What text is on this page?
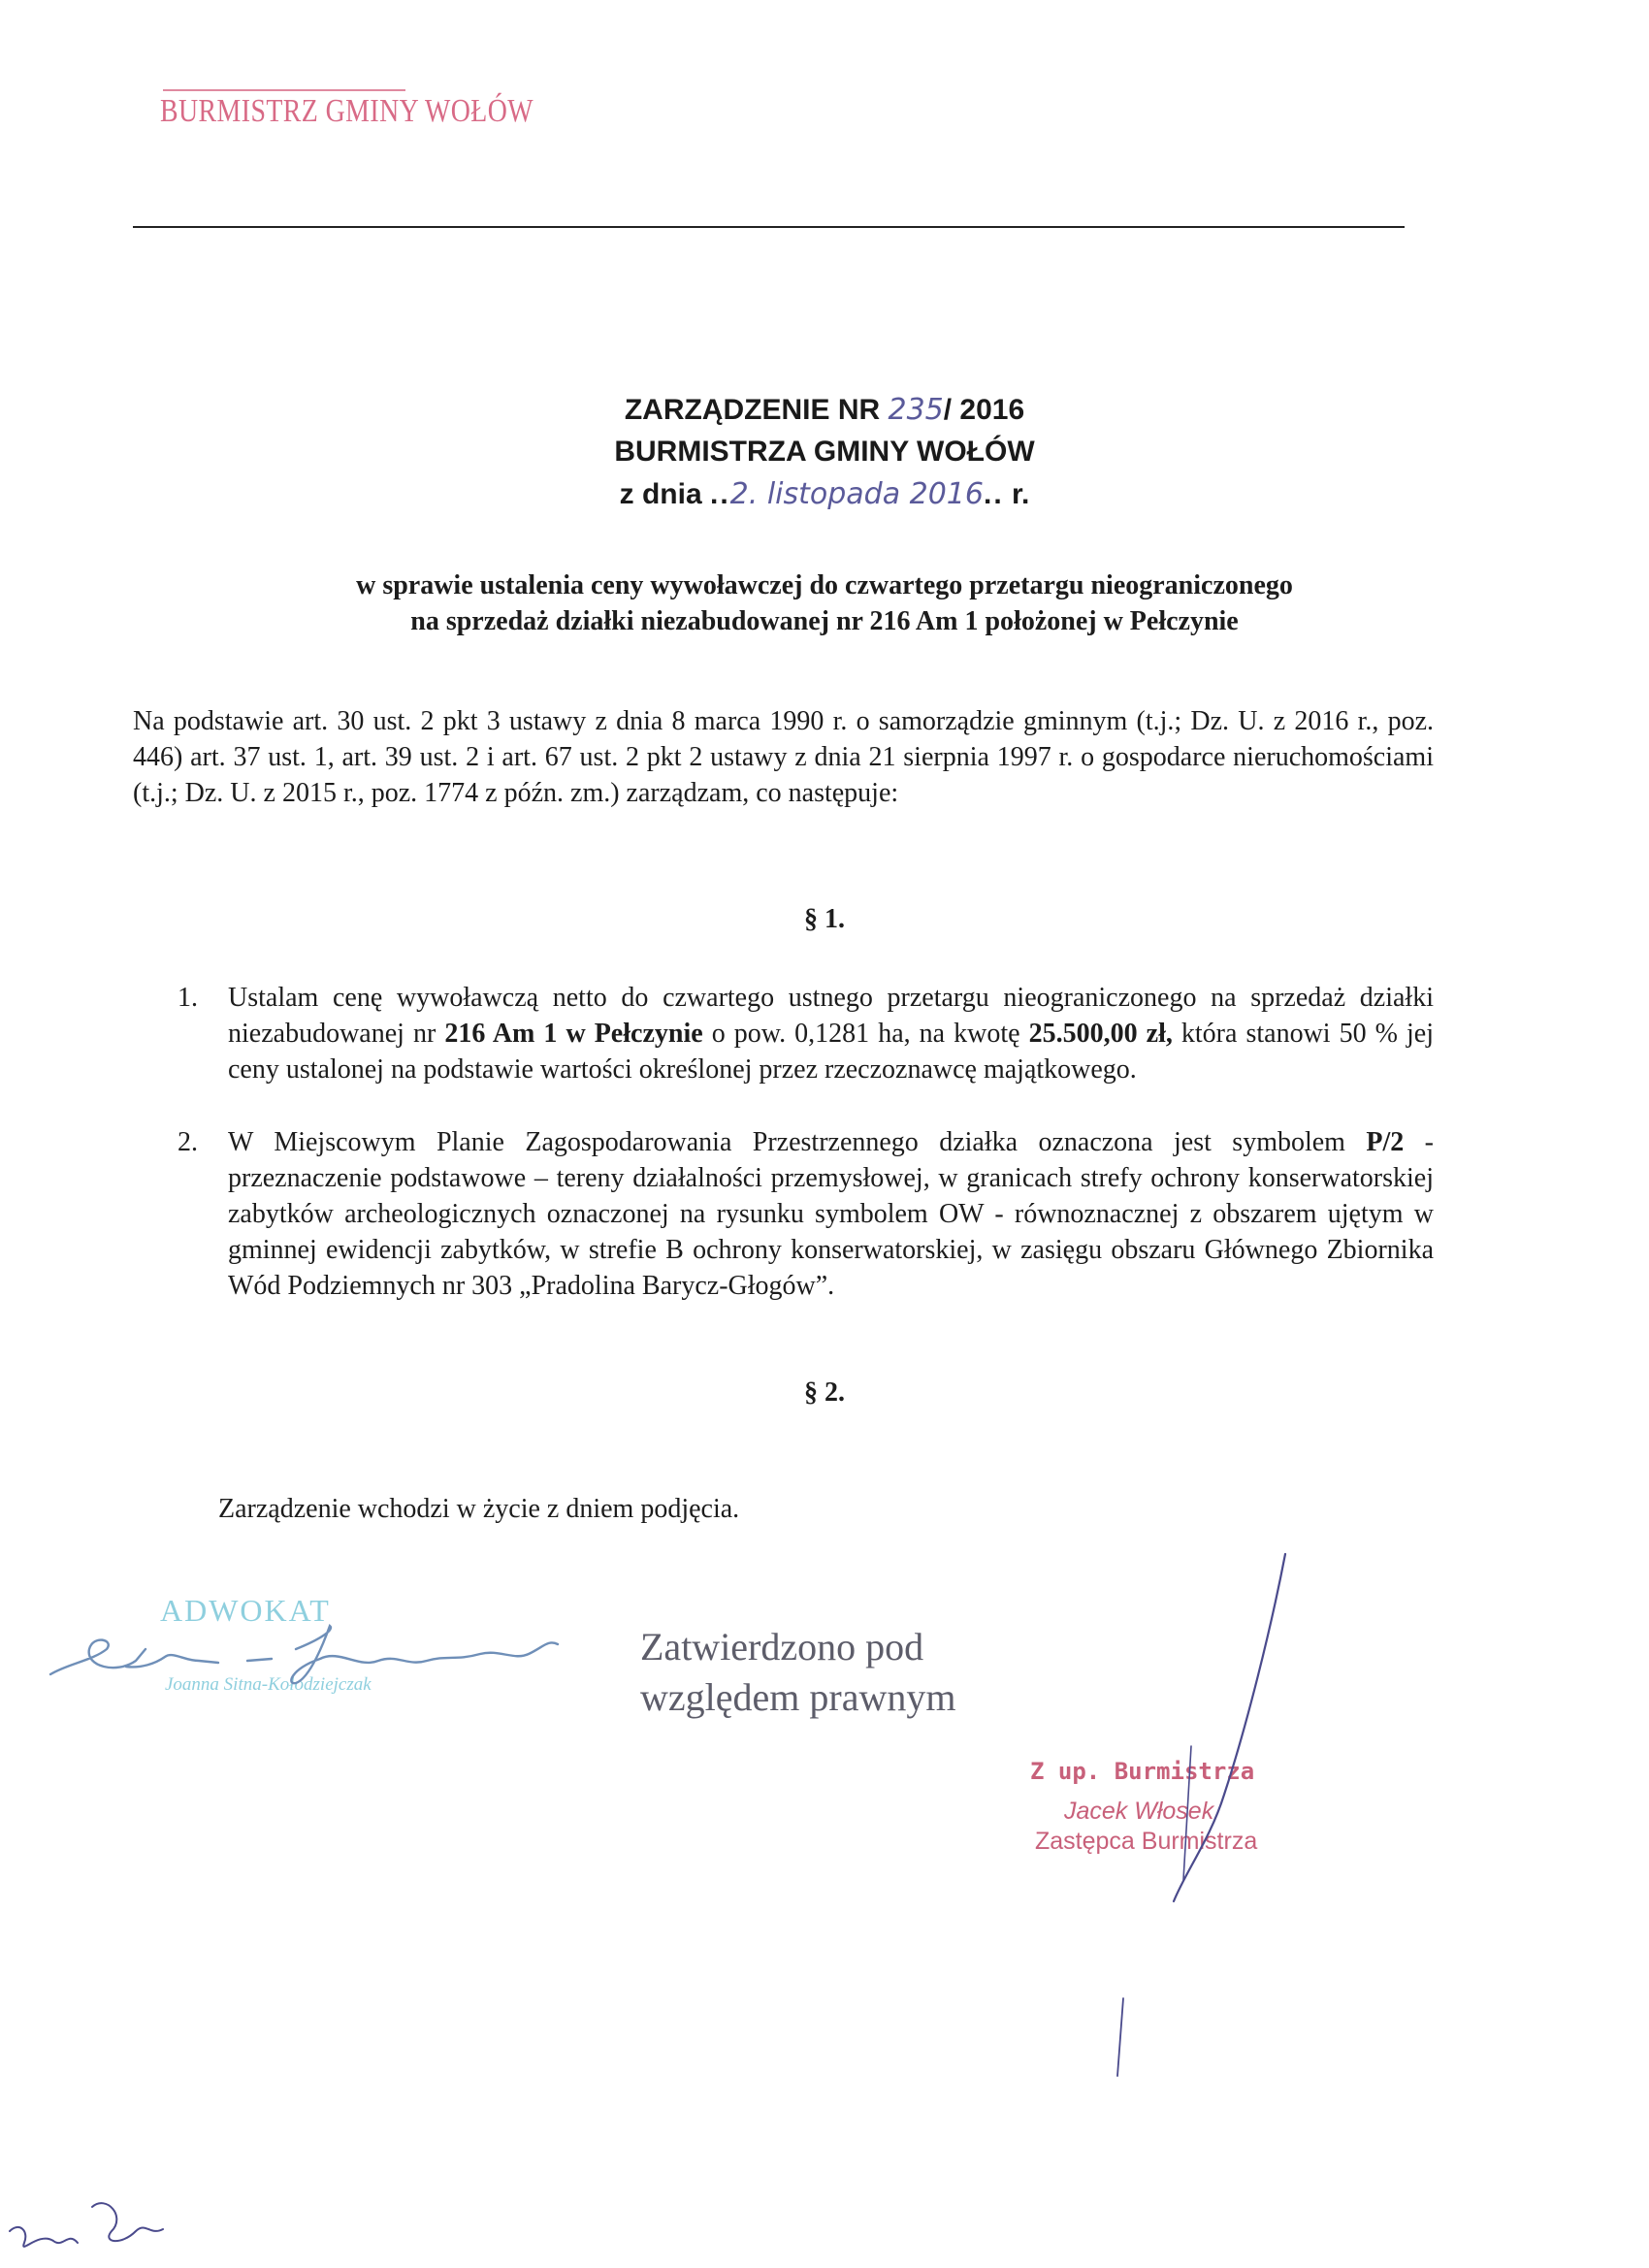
BURMISTRZ GMINY WOŁÓW
ZARZĄDZENIE NR 235/ 2016
BURMISTRZA GMINY WOŁÓW
z dnia ..2. listopada 2016.. r.
w sprawie ustalenia ceny wywoławczej do czwartego przetargu nieograniczonego
na sprzedaż działki niezabudowanej nr 216 Am 1 położonej w Pełczynie
Na podstawie art. 30 ust. 2 pkt 3 ustawy z dnia 8 marca 1990 r. o samorządzie gminnym (t.j.; Dz. U. z 2016 r., poz. 446) art. 37 ust. 1, art. 39 ust. 2 i art. 67 ust. 2 pkt 2 ustawy z dnia 21 sierpnia 1997 r. o gospodarce nieruchomościami (t.j.; Dz. U. z 2015 r., poz. 1774 z późn. zm.) zarządzam, co następuje:
§ 1.
1. Ustalam cenę wywoławczą netto do czwartego ustnego przetargu nieograniczonego na sprzedaż działki niezabudowanej nr 216 Am 1 w Pełczynie o pow. 0,1281 ha, na kwotę 25.500,00 zł, która stanowi 50 % jej ceny ustalonej na podstawie wartości określonej przez rzeczoznawcę majątkowego.
2. W Miejscowym Planie Zagospodarowania Przestrzennego działka oznaczona jest symbolem P/2 - przeznaczenie podstawowe – tereny działalności przemysłowej, w granicach strefy ochrony konserwatorskiej zabytków archeologicznych oznaczonej na rysunku symbolem OW - równoznacznej z obszarem ujętym w gminnej ewidencji zabytków, w strefie B ochrony konserwatorskiej, w zasięgu obszaru Głównego Zbiornika Wód Podziemnych nr 303 „Pradolina Barycz-Głogów”.
§ 2.
Zarządzenie wchodzi w życie z dniem podjęcia.
ADWOKAT
Zatwierdzono pod
względem prawnym
Z up. Burmistrza
Jacek Włosek
Zastępca Burmistrza
Joanna Sitna-Kołodziejczak
